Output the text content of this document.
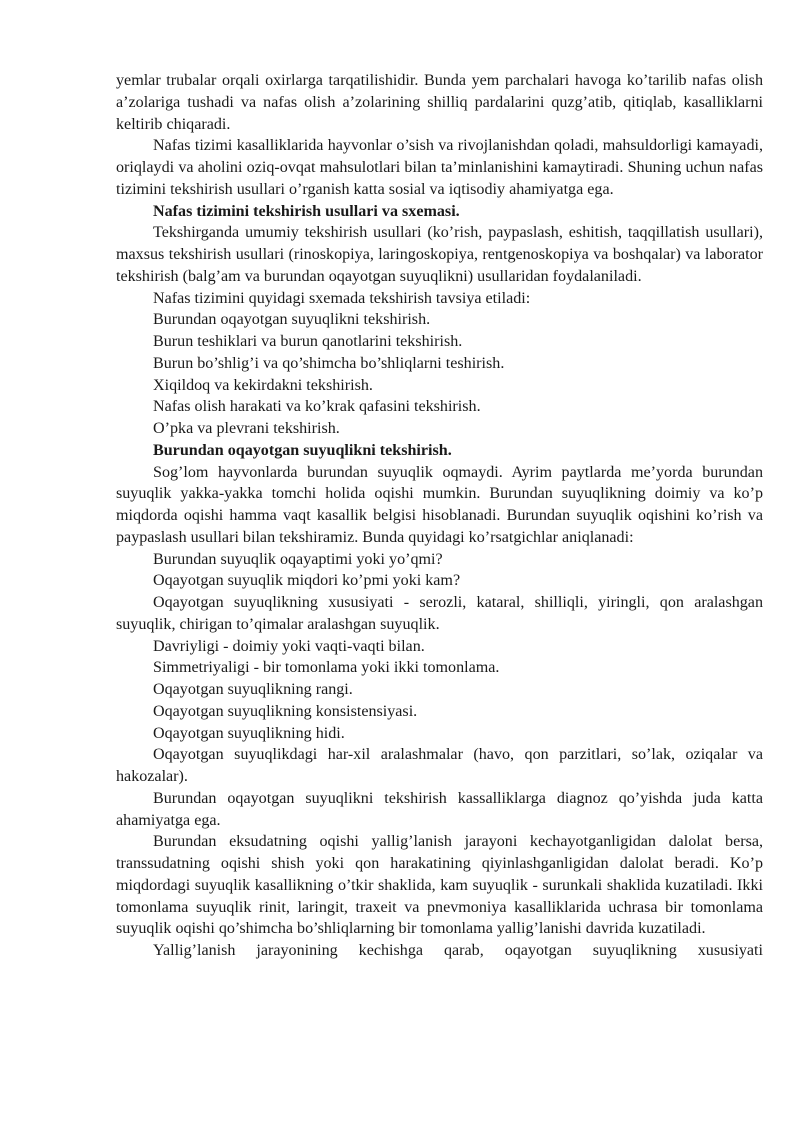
yemlar trubalar orqali oxirlarga tarqatilishidir. Bunda yem parchalari havoga ko’tarilib nafas olish a’zolariga tushadi va nafas olish a’zolarining shilliq pardalarini quzg’atib, qitiqlab, kasalliklarni keltirib chiqaradi.

Nafas tizimi kasalliklarida hayvonlar o’sish va rivojlanishdan qoladi, mahsuldorligi kamayadi, oriqlaydi va aholini oziq-ovqat mahsulotlari bilan ta’minlanishini kamaytiradi. Shuning uchun nafas tizimini tekshirish usullari o’rganish katta sosial va iqtisodiy ahamiyatga ega.

Nafas tizimini tekshirish usullari va sxemasi.

Tekshirganda umumiy tekshirish usullari (ko’rish, paypaslash, eshitish, taqqillatish usullari), maxsus tekshirish usullari (rinoskopiya, laringoskopiya, rentgenoskopiya va boshqalar) va laborator tekshirish (balg’am va burundan oqayotgan suyuqlikni) usullaridan foydalaniladi.

Nafas tizimini quyidagi sxemada tekshirish tavsiya etiladi:

Burundan oqayotgan suyuqlikni tekshirish.

Burun teshiklari va burun qanotlarini tekshirish.

Burun bo’shlig’i va qo’shimcha bo’shliqlarni teshirish.

Xiqildoq va kekirdakni tekshirish.

Nafas olish harakati va ko’krak qafasini tekshirish.

O’pka va plevrani tekshirish.

Burundan oqayotgan suyuqlikni tekshirish.

Sog’lom hayvonlarda burundan suyuqlik oqmaydi. Ayrim paytlarda me’yorda burundan suyuqlik yakka-yakka tomchi holida oqishi mumkin. Burundan suyuqlikning doimiy va ko’p miqdorda oqishi hamma vaqt kasallik belgisi hisoblanadi. Burundan suyuqlik oqishini ko’rish va paypaslash usullari bilan tekshiramiz. Bunda quyidagi ko’rsatgichlar aniqlanadi:

Burundan suyuqlik oqayaptimi yoki yo’qmi?

Oqayotgan suyuqlik miqdori ko’pmi yoki kam?

Oqayotgan suyuqlikning xususiyati - serozli, kataral, shilliqli, yiringli, qon aralashgan suyuqlik, chirigan to’qimalar aralashgan suyuqlik.

Davriyligi - doimiy yoki vaqti-vaqti bilan.

Simmetriyaligi - bir tomonlama yoki ikki tomonlama.

Oqayotgan suyuqlikning rangi.

Oqayotgan suyuqlikning konsistensiyasi.

Oqayotgan suyuqlikning hidi.

Oqayotgan suyuqlikdagi har-xil aralashmalar (havo, qon parzitlari, so’lak, oziqalar va hakozalar).

Burundan oqayotgan suyuqlikni tekshirish kassalliklarga diagnoz qo’yishda juda katta ahamiyatga ega.

Burundan eksudatning oqishi yallig’lanish jarayoni kechayotganligidan dalolat bersa, transsudatning oqishi shish yoki qon harakatining qiyinlashganligidan dalolat beradi. Ko’p miqdordagi suyuqlik kasallikning o’tkir shaklida, kam suyuqlik - surunkali shaklida kuzatiladi. Ikki tomonlama suyuqlik rinit, laringit, traxeit va pnevmoniya kasalliklarida uchrasa bir tomonlama suyuqlik oqishi qo’shimcha bo’shliqlarning bir tomonlama yallig’lanishi davrida kuzatiladi.

Yallig’lanish jarayonining kechishga qarab, oqayotgan suyuqlikning xususiyati
